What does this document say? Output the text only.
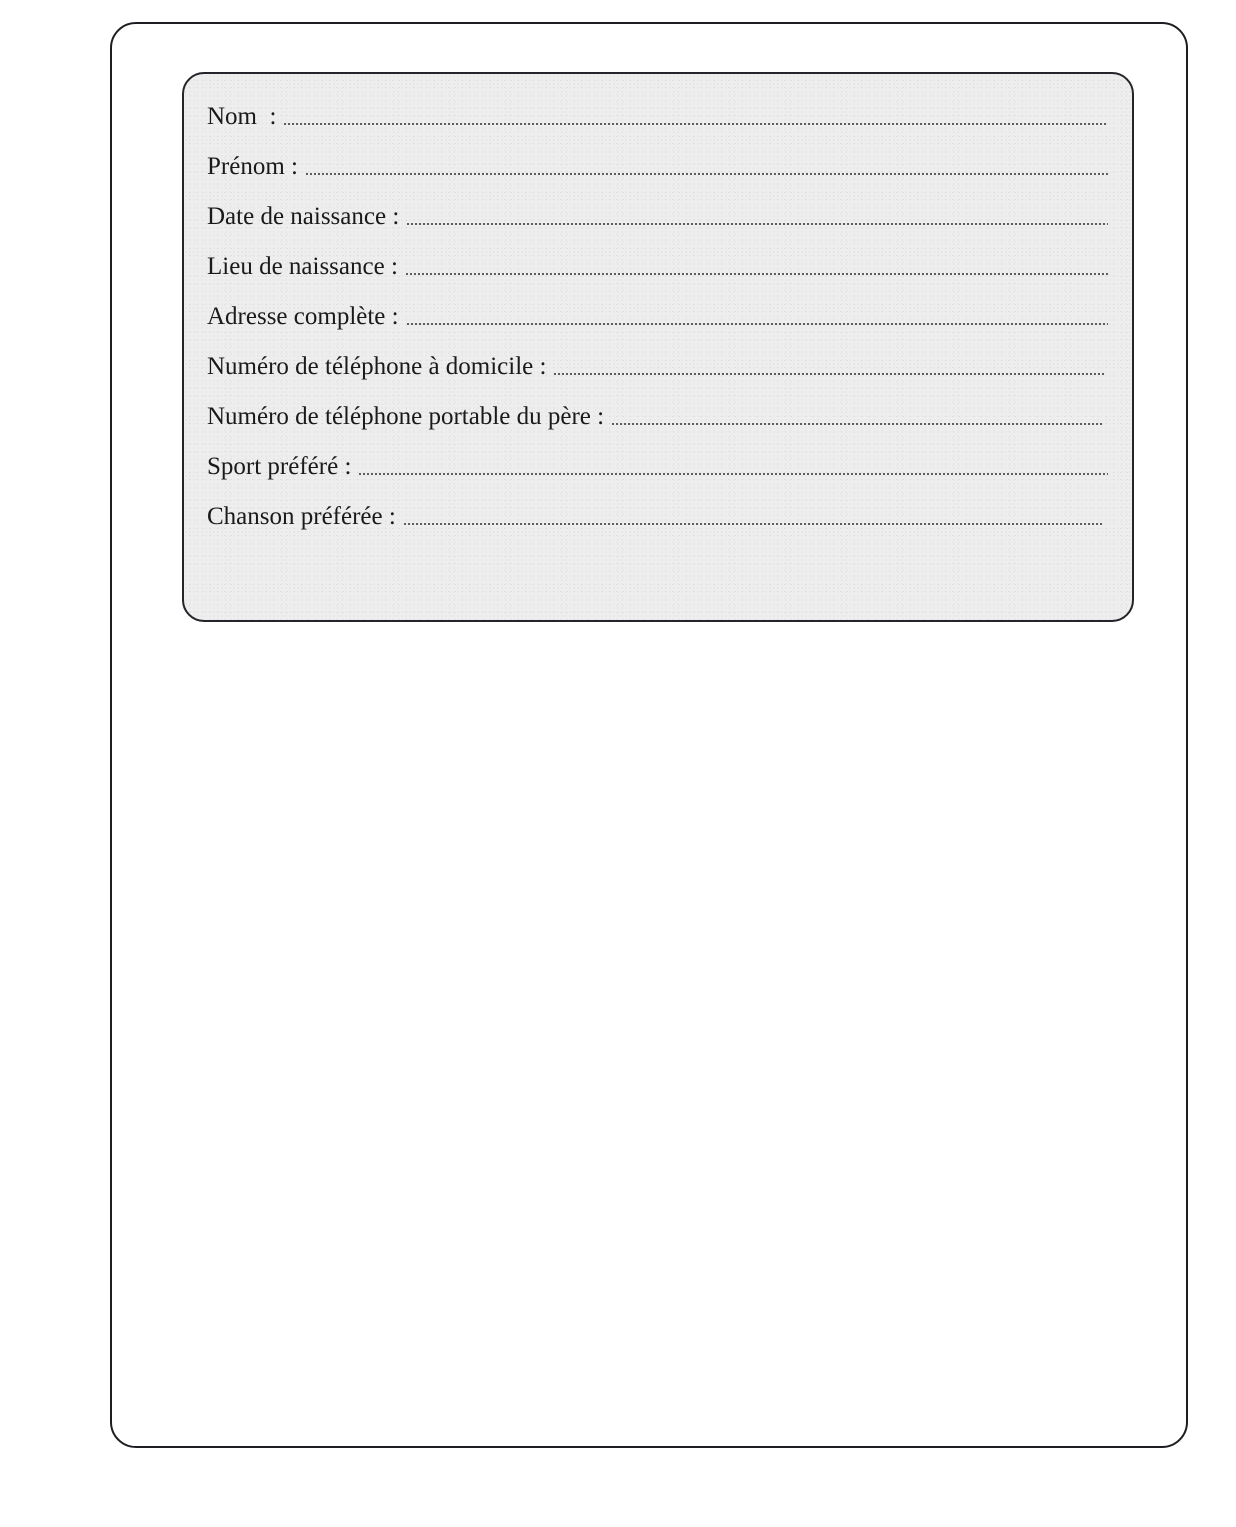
Nom  :
Prénom :
Date de naissance :
Lieu de naissance :
Adresse complète :
Numéro de téléphone à domicile :
Numéro de téléphone portable du père :
Sport préféré :
Chanson préférée :
